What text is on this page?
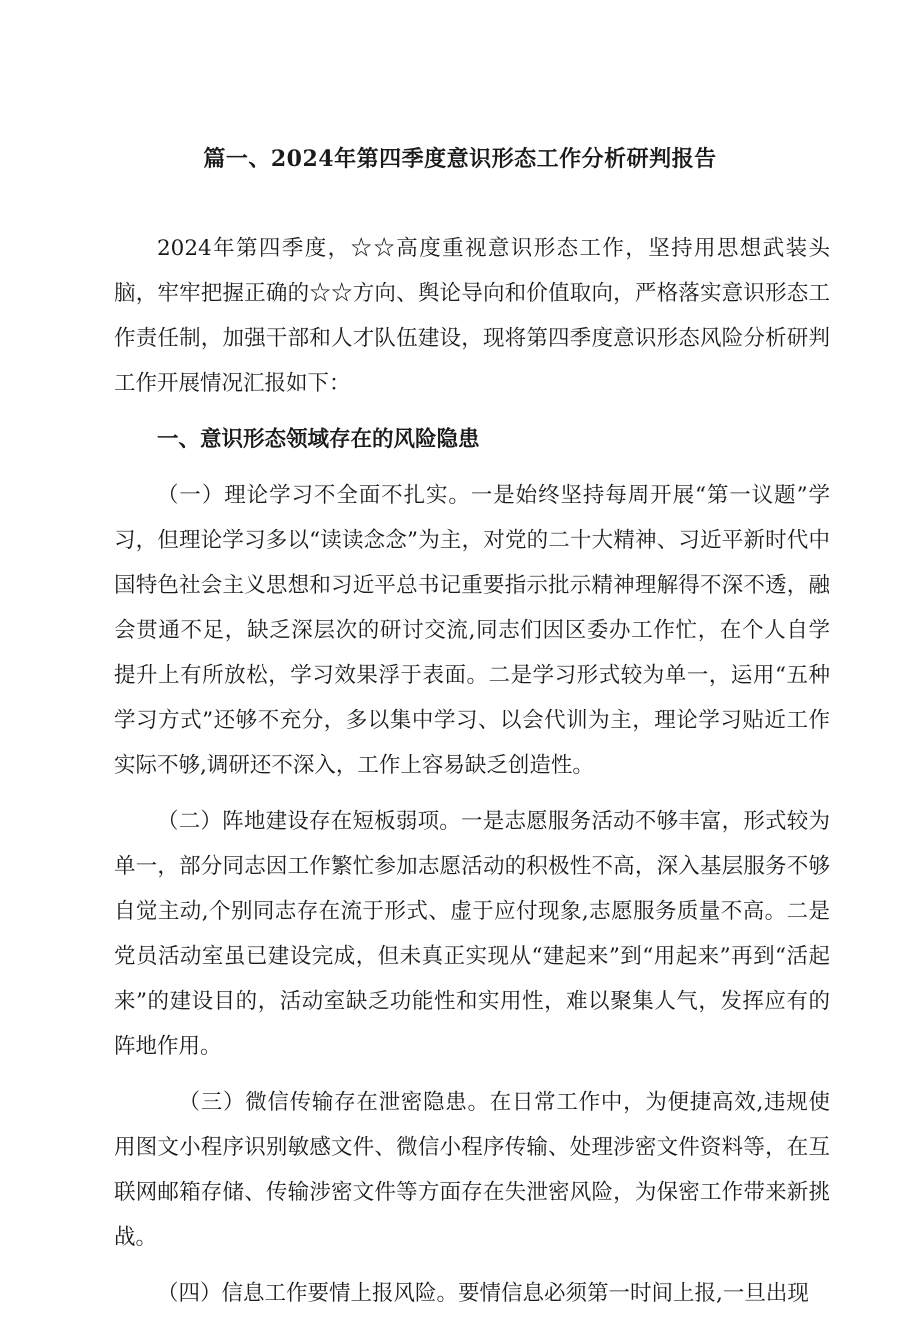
篇一、2024年第四季度意识形态工作分析研判报告

2024年第四季度，☆☆高度重视意识形态工作，坚持用思想武装头脑，牢牢把握正确的☆☆方向、舆论导向和价值取向，严格落实意识形态工作责任制，加强干部和人才队伍建设，现将第四季度意识形态风险分析研判工作开展情况汇报如下：

一、意识形态领域存在的风险隐患

（一）理论学习不全面不扎实。一是始终坚持每周开展“第一议题”学习，但理论学习多以“读读念念”为主，对党的二十大精神、习近平新时代中国特色社会主义思想和习近平总书记重要指示批示精神理解得不深不透，融会贯通不足，缺乏深层次的研讨交流,同志们因区委办工作忙，在个人自学提升上有所放松，学习效果浮于表面。二是学习形式较为单一，运用“五种学习方式”还够不充分，多以集中学习、以会代训为主，理论学习贴近工作实际不够,调研还不深入，工作上容易缺乏创造性。

（二）阵地建设存在短板弱项。一是志愿服务活动不够丰富，形式较为单一，部分同志因工作繁忙参加志愿活动的积极性不高，深入基层服务不够自觉主动,个别同志存在流于形式、虚于应付现象,志愿服务质量不高。二是党员活动室虽已建设完成，但未真正实现从“建起来”到“用起来”再到“活起来”的建设目的，活动室缺乏功能性和实用性，难以聚集人气，发挥应有的阵地作用。

（三）微信传输存在泄密隐患。在日常工作中，为便捷高效,违规使用图文小程序识别敏感文件、微信小程序传输、处理涉密文件资料等，在互联网邮箱存储、传输涉密文件等方面存在失泄密风险，为保密工作带来新挑战。

（四）信息工作要情上报风险。要情信息必须第一时间上报,一旦出现
